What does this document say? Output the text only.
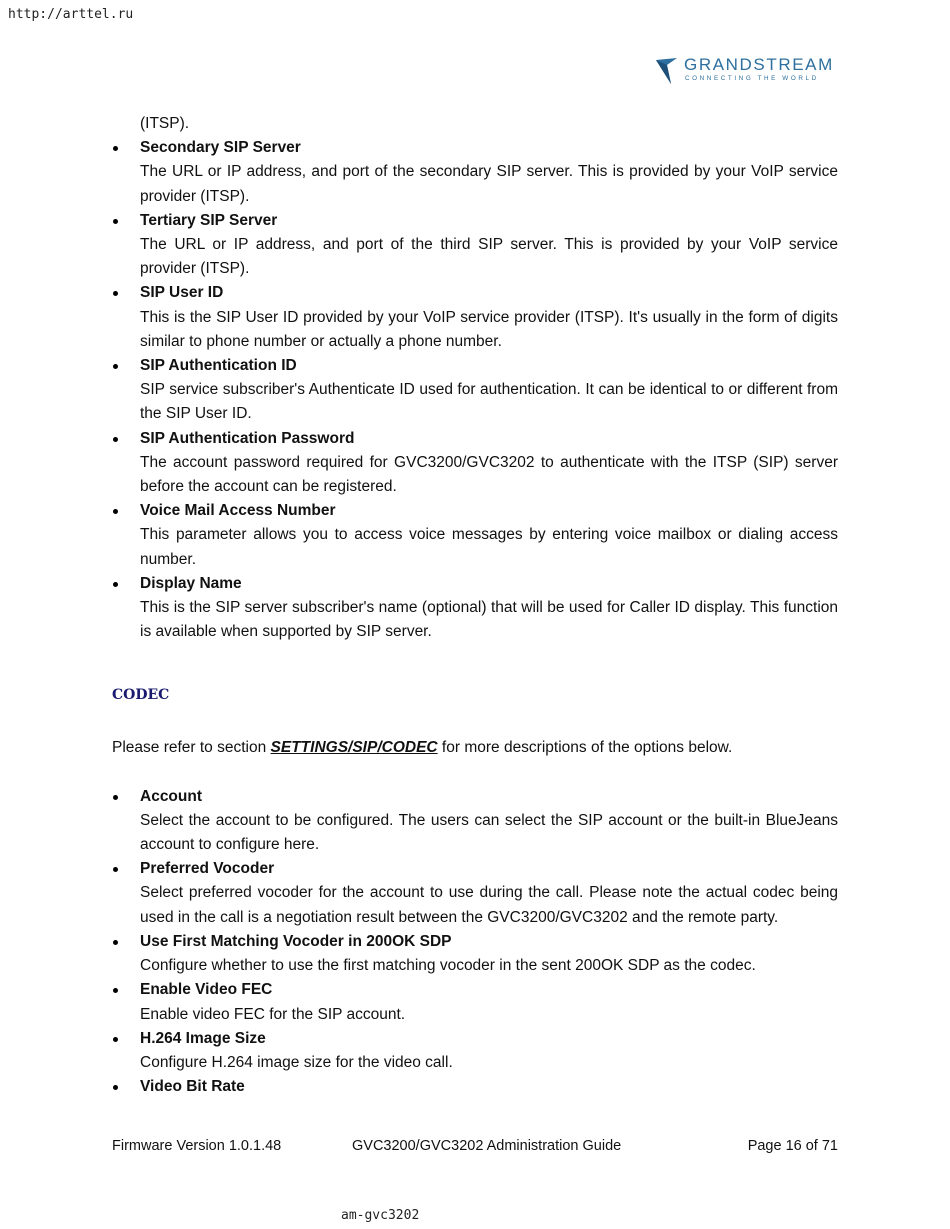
http://arttel.ru
GRANDSTREAM
CONNECTING THE WORLD
(ITSP).
Secondary SIP Server
The URL or IP address, and port of the secondary SIP server. This is provided by your VoIP service provider (ITSP).
Tertiary SIP Server
The URL or IP address, and port of the third SIP server. This is provided by your VoIP service provider (ITSP).
SIP User ID
This is the SIP User ID provided by your VoIP service provider (ITSP). It's usually in the form of digits similar to phone number or actually a phone number.
SIP Authentication ID
SIP service subscriber's Authenticate ID used for authentication. It can be identical to or different from the SIP User ID.
SIP Authentication Password
The account password required for GVC3200/GVC3202 to authenticate with the ITSP (SIP) server before the account can be registered.
Voice Mail Access Number
This parameter allows you to access voice messages by entering voice mailbox or dialing access number.
Display Name
This is the SIP server subscriber's name (optional) that will be used for Caller ID display. This function is available when supported by SIP server.
CODEC
Please refer to section SETTINGS/SIP/CODEC for more descriptions of the options below.
Account
Select the account to be configured. The users can select the SIP account or the built-in BlueJeans account to configure here.
Preferred Vocoder
Select preferred vocoder for the account to use during the call. Please note the actual codec being used in the call is a negotiation result between the GVC3200/GVC3202 and the remote party.
Use First Matching Vocoder in 200OK SDP
Configure whether to use the first matching vocoder in the sent 200OK SDP as the codec.
Enable Video FEC
Enable video FEC for the SIP account.
H.264 Image Size
Configure H.264 image size for the video call.
Video Bit Rate
Firmware Version 1.0.1.48	GVC3200/GVC3202 Administration Guide	Page 16 of 71
am-gvc3202
